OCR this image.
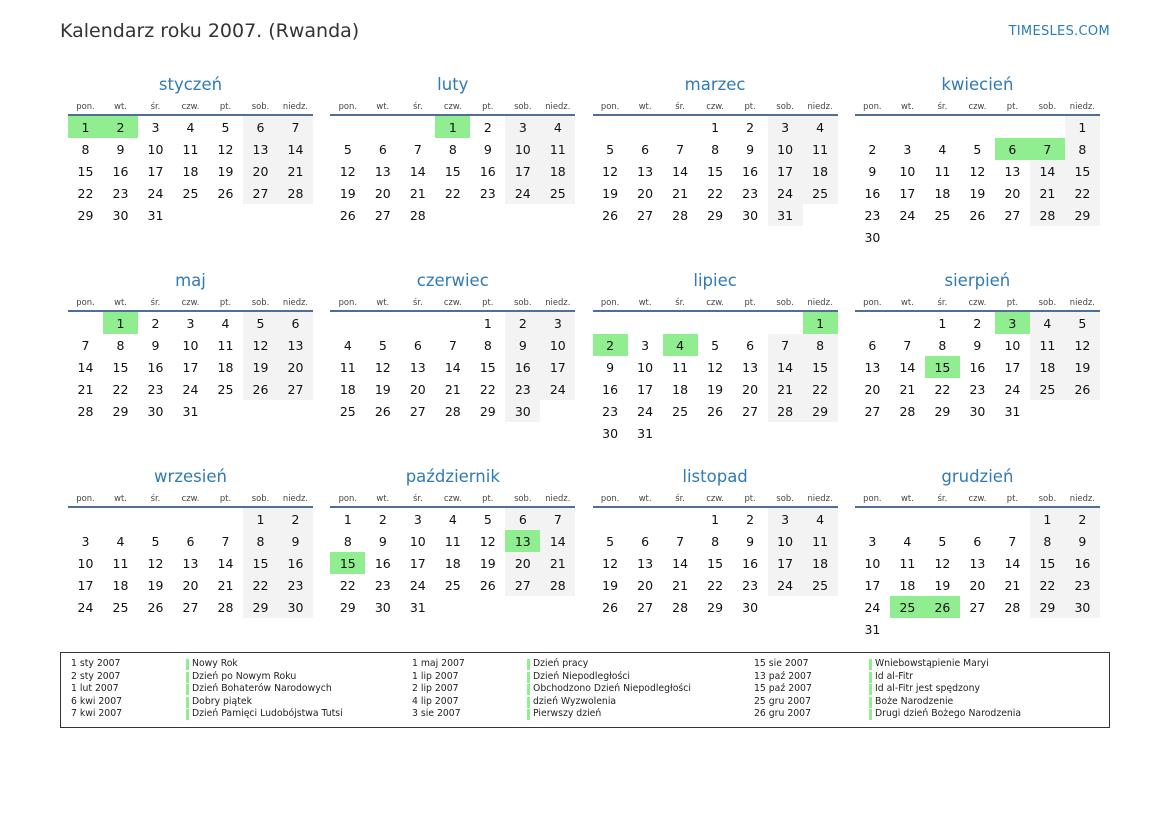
Kalendarz roku 2007. (Rwanda)	TIMESLES.COM
styczeń
pon.	wt.	śr.	czw.	pt.	sob.	niedz.
1	2	3	4	5	6	7
8	9	10	11	12	13	14
15	16	17	18	19	20	21
22	23	24	25	26	27	28
29	30	31				
luty
pon.	wt.	śr.	czw.	pt.	sob.	niedz.
			1	2	3	4
5	6	7	8	9	10	11
12	13	14	15	16	17	18
19	20	21	22	23	24	25
26	27	28				
marzec
pon.	wt.	śr.	czw.	pt.	sob.	niedz.
			1	2	3	4
5	6	7	8	9	10	11
12	13	14	15	16	17	18
19	20	21	22	23	24	25
26	27	28	29	30	31	
kwiecień
pon.	wt.	śr.	czw.	pt.	sob.	niedz.
						1
2	3	4	5	6	7	8
9	10	11	12	13	14	15
16	17	18	19	20	21	22
23	24	25	26	27	28	29
30						
maj
pon.	wt.	śr.	czw.	pt.	sob.	niedz.
	1	2	3	4	5	6
7	8	9	10	11	12	13
14	15	16	17	18	19	20
21	22	23	24	25	26	27
28	29	30	31			
czerwiec
pon.	wt.	śr.	czw.	pt.	sob.	niedz.
				1	2	3
4	5	6	7	8	9	10
11	12	13	14	15	16	17
18	19	20	21	22	23	24
25	26	27	28	29	30	
lipiec
pon.	wt.	śr.	czw.	pt.	sob.	niedz.
						1
2	3	4	5	6	7	8
9	10	11	12	13	14	15
16	17	18	19	20	21	22
23	24	25	26	27	28	29
30	31					
sierpień
pon.	wt.	śr.	czw.	pt.	sob.	niedz.
		1	2	3	4	5
6	7	8	9	10	11	12
13	14	15	16	17	18	19
20	21	22	23	24	25	26
27	28	29	30	31		
wrzesień
pon.	wt.	śr.	czw.	pt.	sob.	niedz.
					1	2
3	4	5	6	7	8	9
10	11	12	13	14	15	16
17	18	19	20	21	22	23
24	25	26	27	28	29	30
październik
pon.	wt.	śr.	czw.	pt.	sob.	niedz.
1	2	3	4	5	6	7
8	9	10	11	12	13	14
15	16	17	18	19	20	21
22	23	24	25	26	27	28
29	30	31				
listopad
pon.	wt.	śr.	czw.	pt.	sob.	niedz.
			1	2	3	4
5	6	7	8	9	10	11
12	13	14	15	16	17	18
19	20	21	22	23	24	25
26	27	28	29	30		
grudzień
pon.	wt.	śr.	czw.	pt.	sob.	niedz.
					1	2
3	4	5	6	7	8	9
10	11	12	13	14	15	16
17	18	19	20	21	22	23
24	25	26	27	28	29	30
31						
1 sty 2007	Nowy Rok
2 sty 2007	Dzień po Nowym Roku
1 lut 2007	Dzień Bohaterów Narodowych
6 kwi 2007	Dobry piątek
7 kwi 2007	Dzień Pamięci Ludobójstwa Tutsi
1 maj 2007	Dzień pracy
1 lip 2007	Dzień Niepodległości
2 lip 2007	Obchodzono Dzień Niepodległości
4 lip 2007	dzień Wyzwolenia
3 sie 2007	Pierwszy dzień
15 sie 2007	Wniebowstąpienie Maryi
13 paź 2007	Id al-Fitr
15 paź 2007	Id al-Fitr jest spędzony
25 gru 2007	Boże Narodzenie
26 gru 2007	Drugi dzień Bożego Narodzenia
